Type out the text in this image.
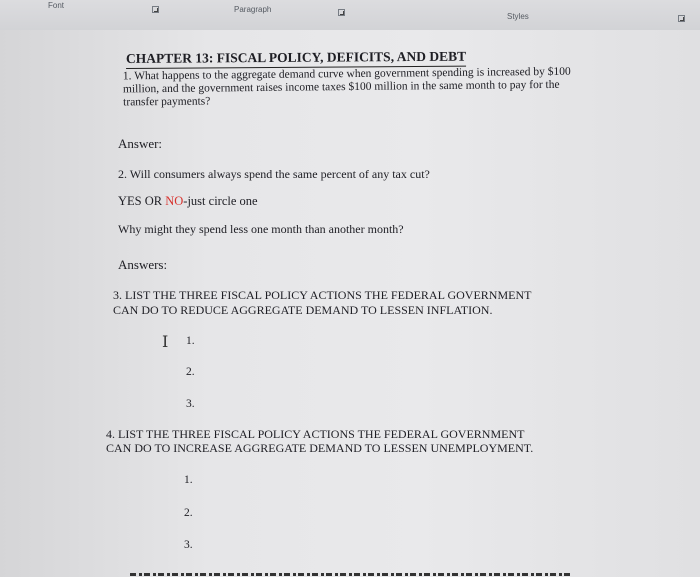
Font	Paragraph
Styles
CHAPTER 13: FISCAL POLICY, DEFICITS, AND DEBT
1. What happens to the aggregate demand curve when government spending is increased by $100 million, and the government raises income taxes $100 million in the same month to pay for the transfer payments?
Answer:
2. Will consumers always spend the same percent of any tax cut?
YES OR NO-just circle one
Why might they spend less one month than another month?
Answers:
3. LIST THE THREE FISCAL POLICY ACTIONS THE FEDERAL GOVERNMENT
CAN DO TO REDUCE AGGREGATE DEMAND TO LESSEN INFLATION.
I
1.
2.
3.
4. LIST THE THREE FISCAL POLICY ACTIONS THE FEDERAL GOVERNMENT
CAN DO TO INCREASE AGGREGATE DEMAND TO LESSEN UNEMPLOYMENT.
1.
2.
3.
